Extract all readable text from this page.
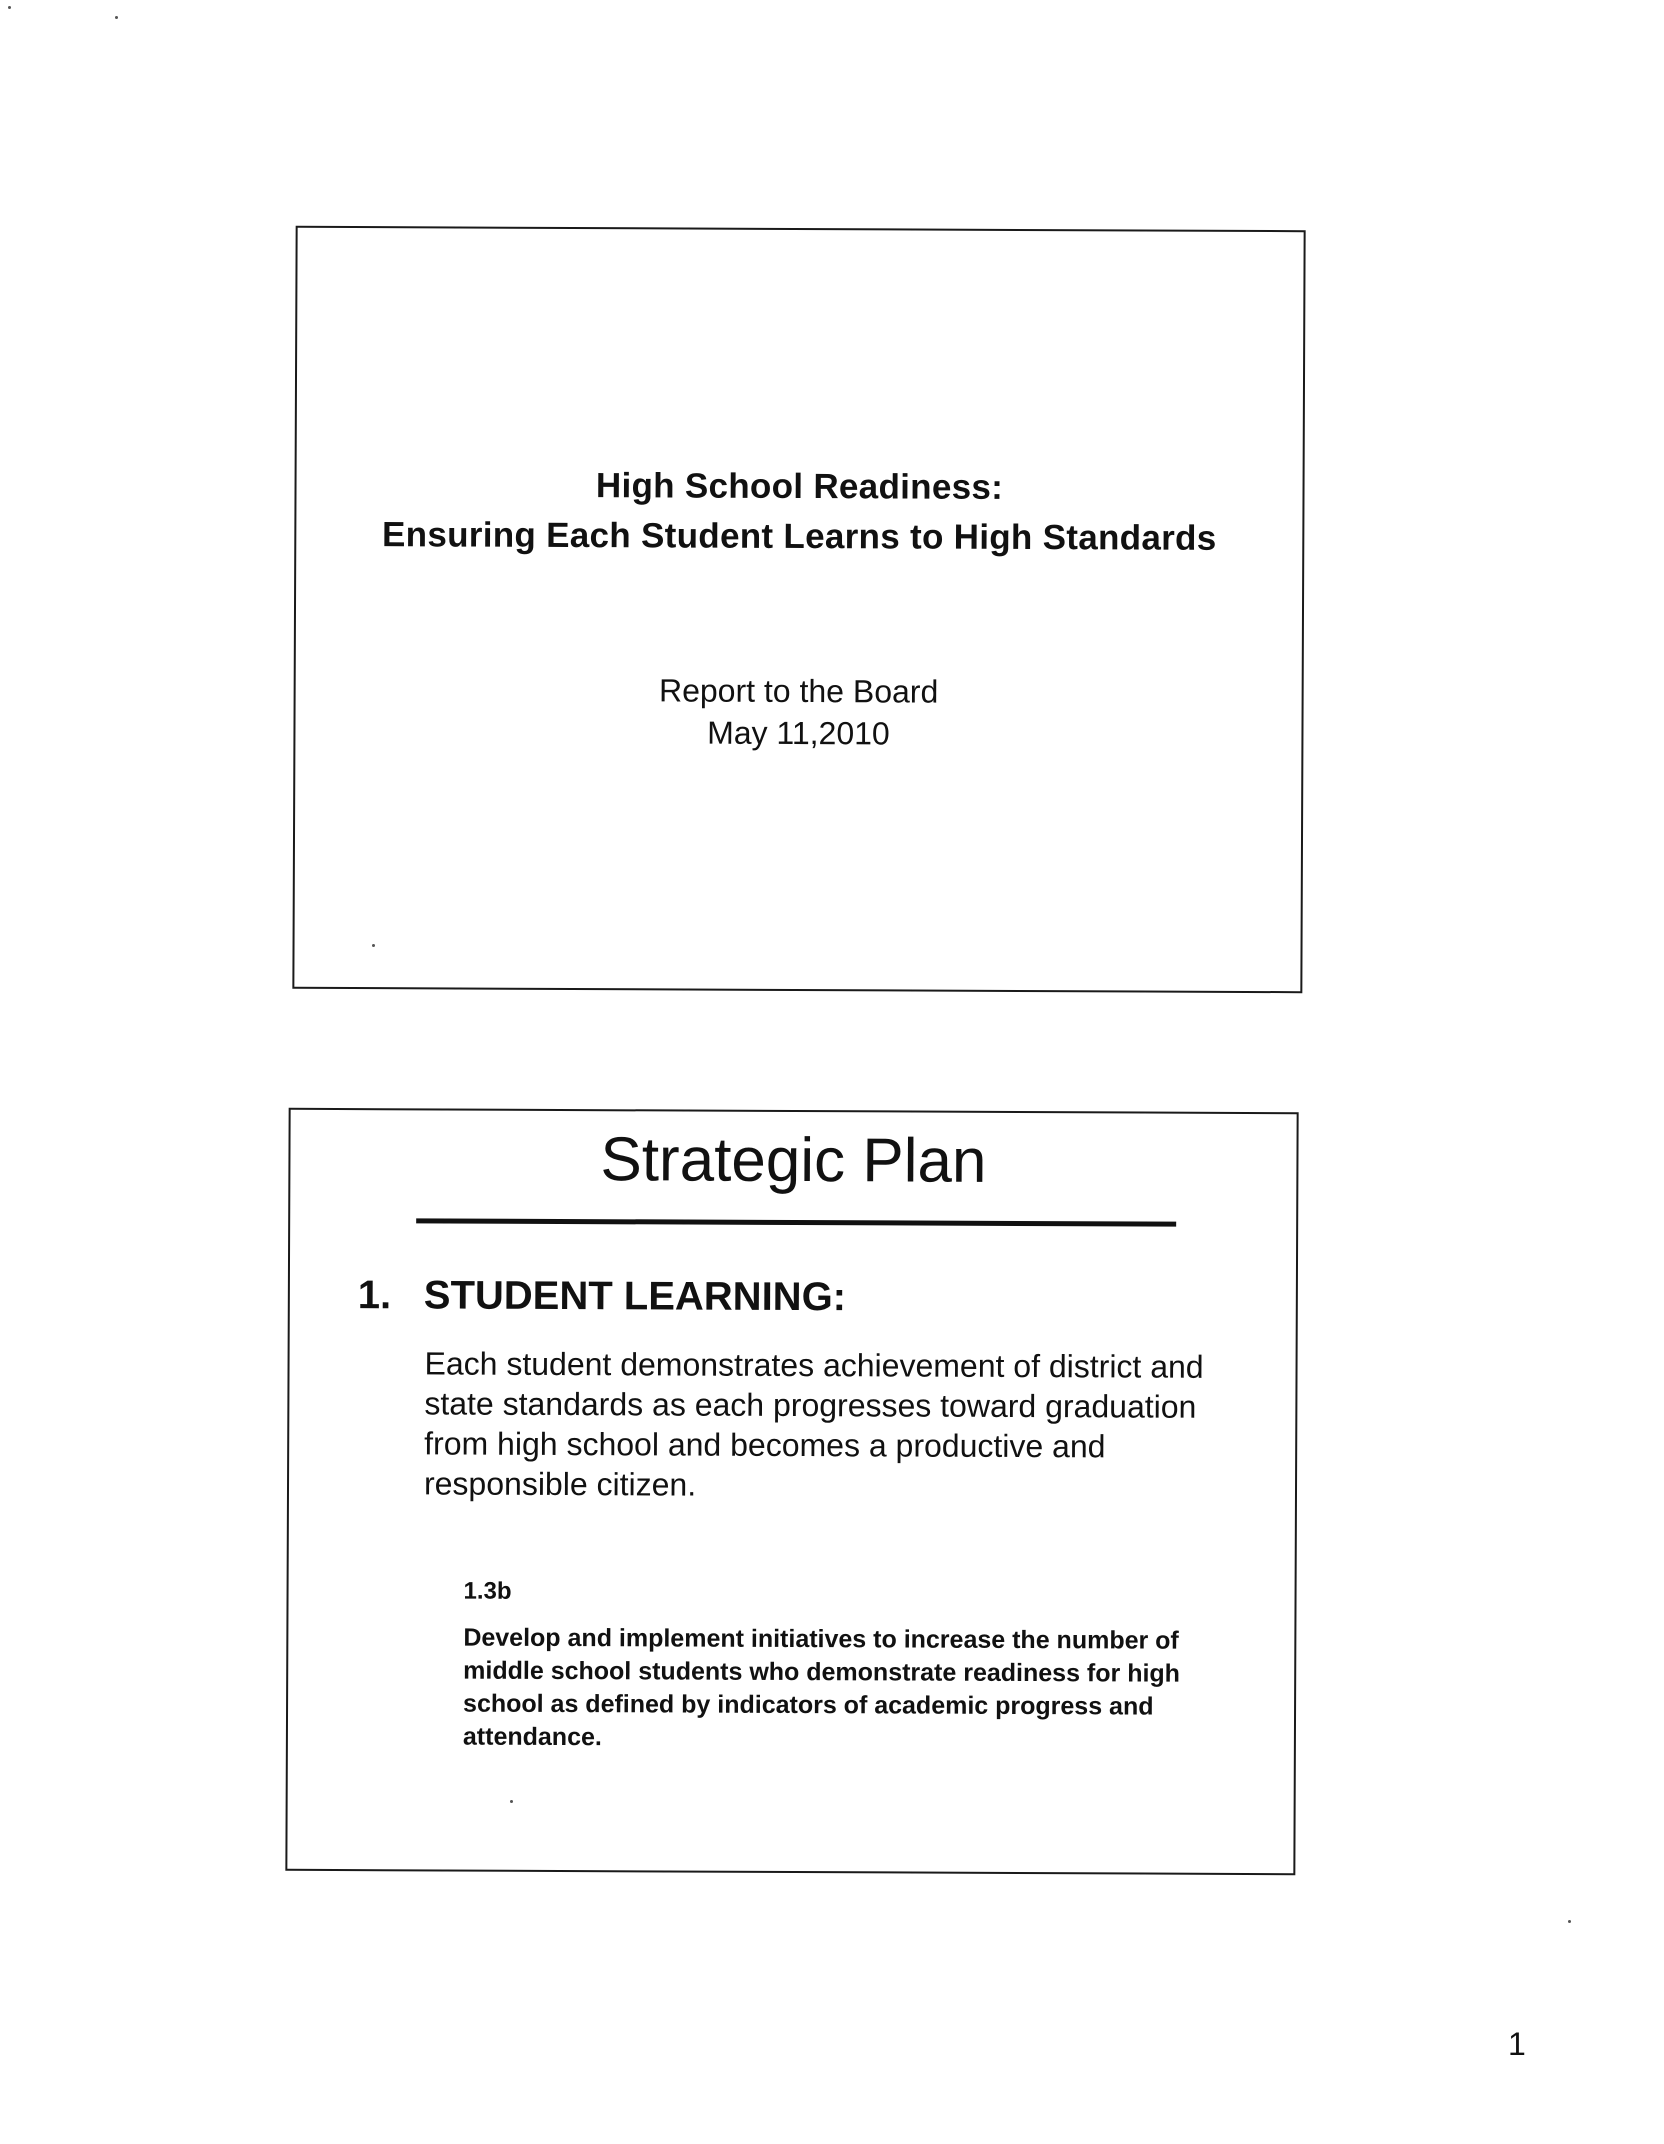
High School Readiness:
Ensuring Each Student Learns to High Standards
Report to the Board
May 11,2010
Strategic Plan
1. STUDENT LEARNING:
Each student demonstrates achievement of district and state standards as each progresses toward graduation from high school and becomes a productive and responsible citizen.
1.3b
Develop and implement initiatives to increase the number of middle school students who demonstrate readiness for high school as defined by indicators of academic progress and attendance.
1
